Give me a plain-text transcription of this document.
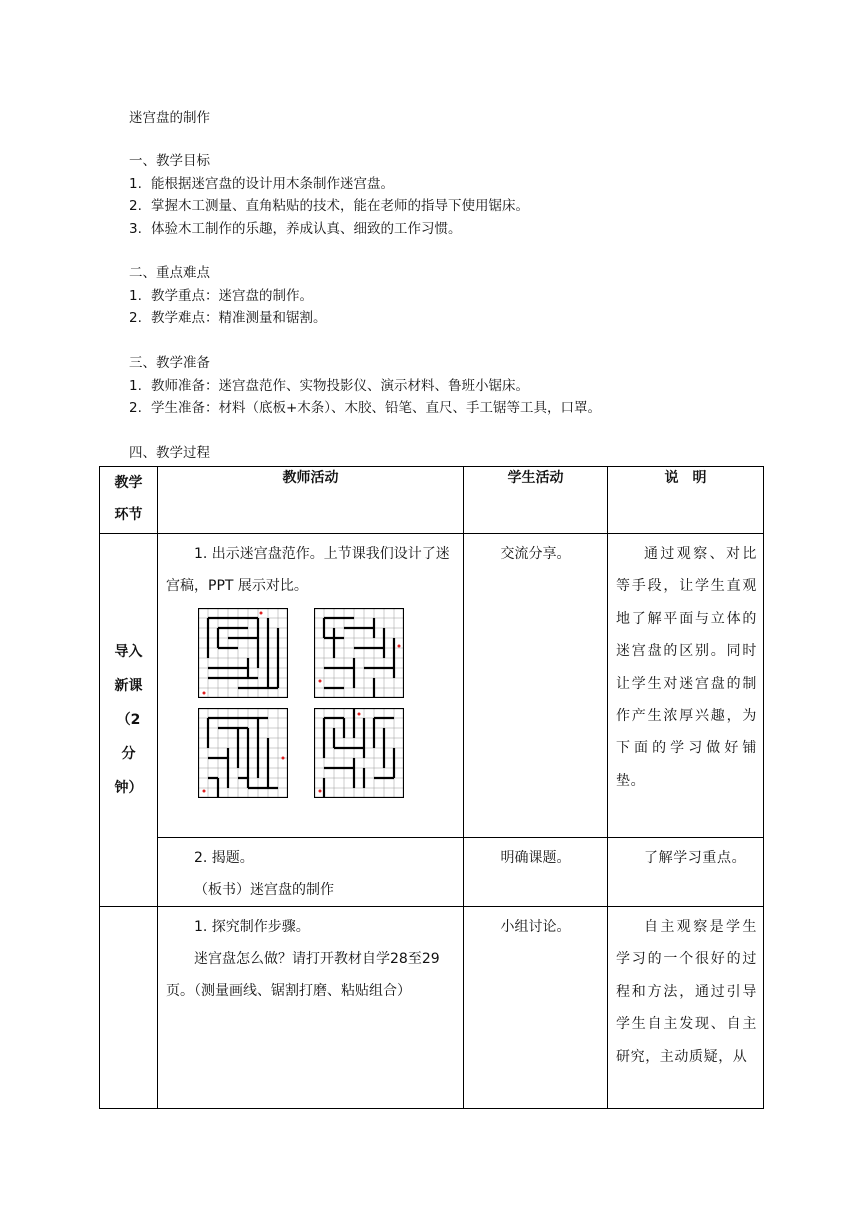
迷宫盘的制作
一、教学目标
1. 能根据迷宫盘的设计用木条制作迷宫盘。
2. 掌握木工测量、直角粘贴的技术，能在老师的指导下使用锯床。
3. 体验木工制作的乐趣，养成认真、细致的工作习惯。
二、重点难点
1. 教学重点：迷宫盘的制作。
2. 教学难点：精准测量和锯割。
三、教学准备
1. 教师准备：迷宫盘范作、实物投影仪、演示材料、鲁班小锯床。
2. 学生准备：材料（底板+木条）、木胶、铅笔、直尺、手工锯等工具，口罩。
四、教学过程
教学
环节	教师活动	学生活动	说　明

导入
新课
（2
分
钟）	1. 出示迷宫盘范作。上节课我们设计了迷宫稿，PPT 展示对比。	交流分享。	通过观察、对比等手段，让学生直观地了解平面与立体的迷宫盘的区别。同时让学生对迷宫盘的制作产生浓厚兴趣，为下面的学习做好铺垫。

	2. 揭题。
（板书）迷宫盘的制作	明确课题。	了解学习重点。

	1. 探究制作步骤。
迷宫盘怎么做？请打开教材自学28至29页。（测量画线、锯割打磨、粘贴组合）	小组讨论。	自主观察是学生学习的一个很好的过程和方法，通过引导学生自主发现、自主研究，主动质疑，从
